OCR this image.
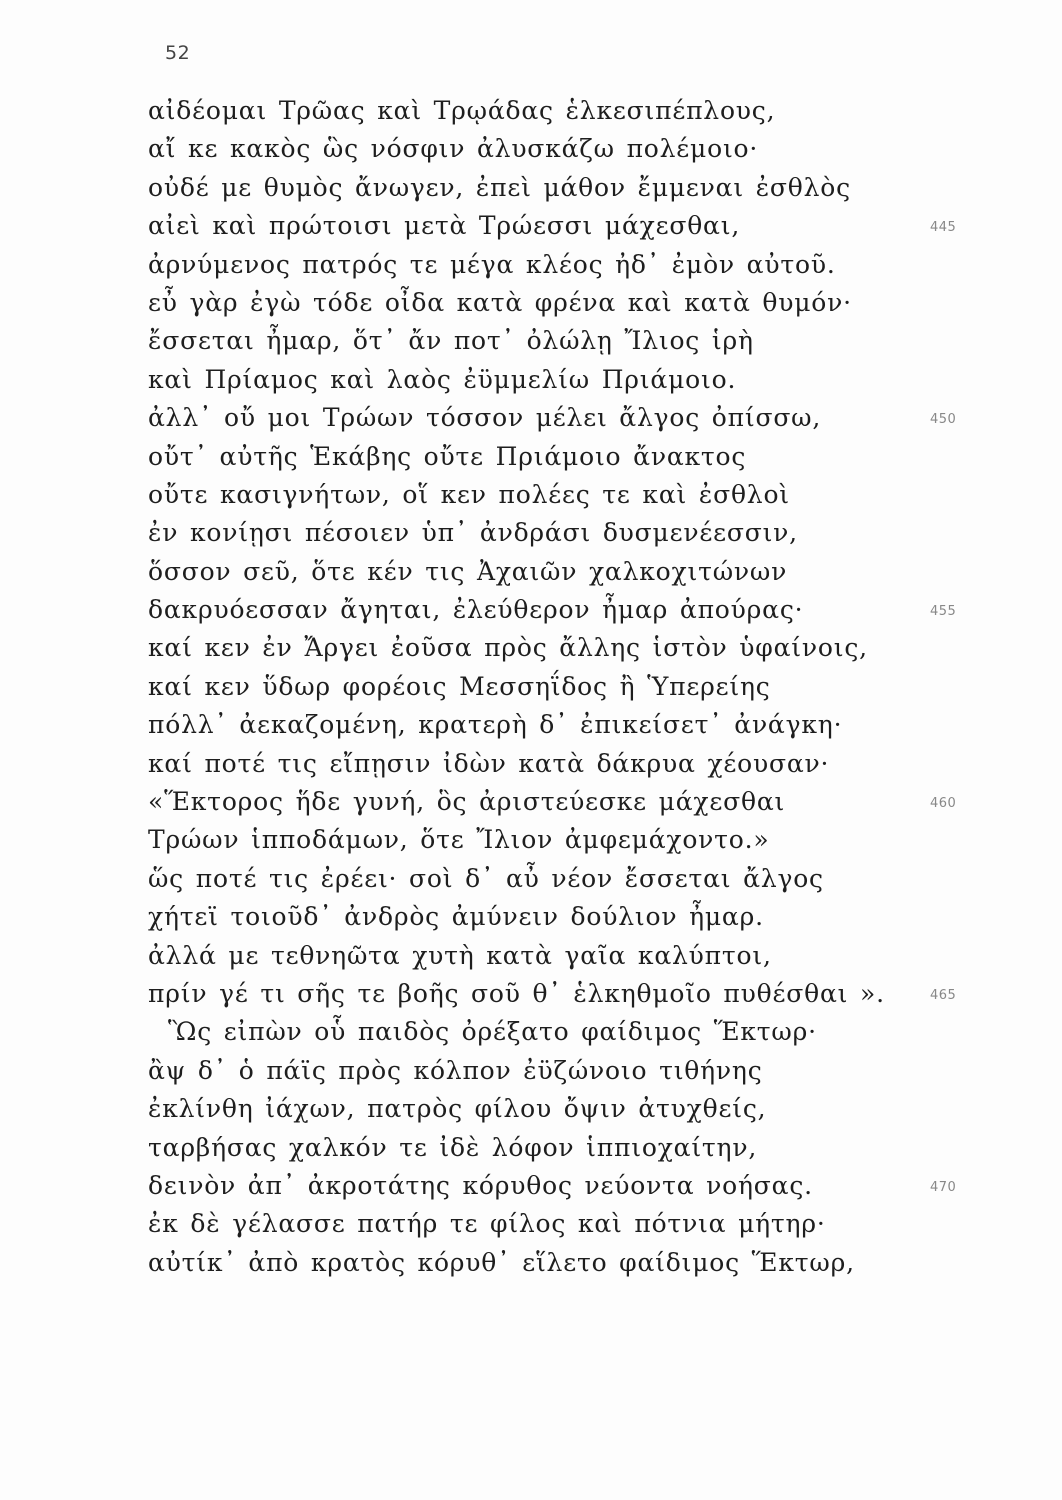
52
αἰδέομαι Τρῶας καὶ Τρῳάδας ἑλκεσιπέπλους,
αἴ κε κακὸς ὣς νόσφιν ἀλυσκάζω πολέμοιο·
οὐδέ με θυμὸς ἄνωγεν, ἐπεὶ μάθον ἔμμεναι ἐσθλὸς
αἰεὶ καὶ πρώτοισι μετὰ Τρώεσσι μάχεσθαι,	445
ἀρνύμενος πατρός τε μέγα κλέος ἠδ᾽ ἐμὸν αὐτοῦ.
εὖ γὰρ ἐγὼ τόδε οἶδα κατὰ φρένα καὶ κατὰ θυμόν·
ἔσσεται ἦμαρ, ὅτ᾽ ἄν ποτ᾽ ὀλώλῃ Ἴλιος ἱρὴ
καὶ Πρίαμος καὶ λαὸς ἐϋμμελίω Πριάμοιο.
ἀλλ᾽ οὔ μοι Τρώων τόσσον μέλει ἄλγος ὀπίσσω,	450
οὔτ᾽ αὐτῆς Ἑκάβης οὔτε Πριάμοιο ἄνακτος
οὔτε κασιγνήτων, οἵ κεν πολέες τε καὶ ἐσθλοὶ
ἐν κονίῃσι πέσοιεν ὑπ᾽ ἀνδράσι δυσμενέεσσιν,
ὅσσον σεῦ, ὅτε κέν τις Ἀχαιῶν χαλκοχιτώνων
δακρυόεσσαν ἄγηται, ἐλεύθερον ἦμαρ ἀπούρας·	455
καί κεν ἐν Ἄργει ἐοῦσα πρὸς ἄλλης ἱστὸν ὑφαίνοις,
καί κεν ὕδωρ φορέοις Μεσσηΐδος ἢ Ὑπερείης
πόλλ᾽ ἀεκαζομένη, κρατερὴ δ᾽ ἐπικείσετ᾽ ἀνάγκη·
καί ποτέ τις εἴπῃσιν ἰδὼν κατὰ δάκρυα χέουσαν·
«Ἕκτορος ἥδε γυνή, ὃς ἀριστεύεσκε μάχεσθαι	460
Τρώων ἱπποδάμων, ὅτε Ἴλιον ἀμφεμάχοντο.»
ὥς ποτέ τις ἐρέει· σοὶ δ᾽ αὖ νέον ἔσσεται ἄλγος
χήτεϊ τοιοῦδ᾽ ἀνδρὸς ἀμύνειν δούλιον ἦμαρ.
ἀλλά με τεθνηῶτα χυτὴ κατὰ γαῖα καλύπτοι,
πρίν γέ τι σῆς τε βοῆς σοῦ θ᾽ ἑλκηθμοῖο πυθέσθαι ».	465
Ὣς εἰπὼν οὗ παιδὸς ὀρέξατο φαίδιμος Ἕκτωρ·
ἂψ δ᾽ ὁ πάϊς πρὸς κόλπον ἐϋζώνοιο τιθήνης
ἐκλίνθη ἰάχων, πατρὸς φίλου ὄψιν ἀτυχθείς,
ταρβήσας χαλκόν τε ἰδὲ λόφον ἱππιοχαίτην,
δεινὸν ἀπ᾽ ἀκροτάτης κόρυθος νεύοντα νοήσας.	470
ἐκ δὲ γέλασσε πατήρ τε φίλος καὶ πότνια μήτηρ·
αὐτίκ᾽ ἀπὸ κρατὸς κόρυθ᾽ εἵλετο φαίδιμος Ἕκτωρ,
